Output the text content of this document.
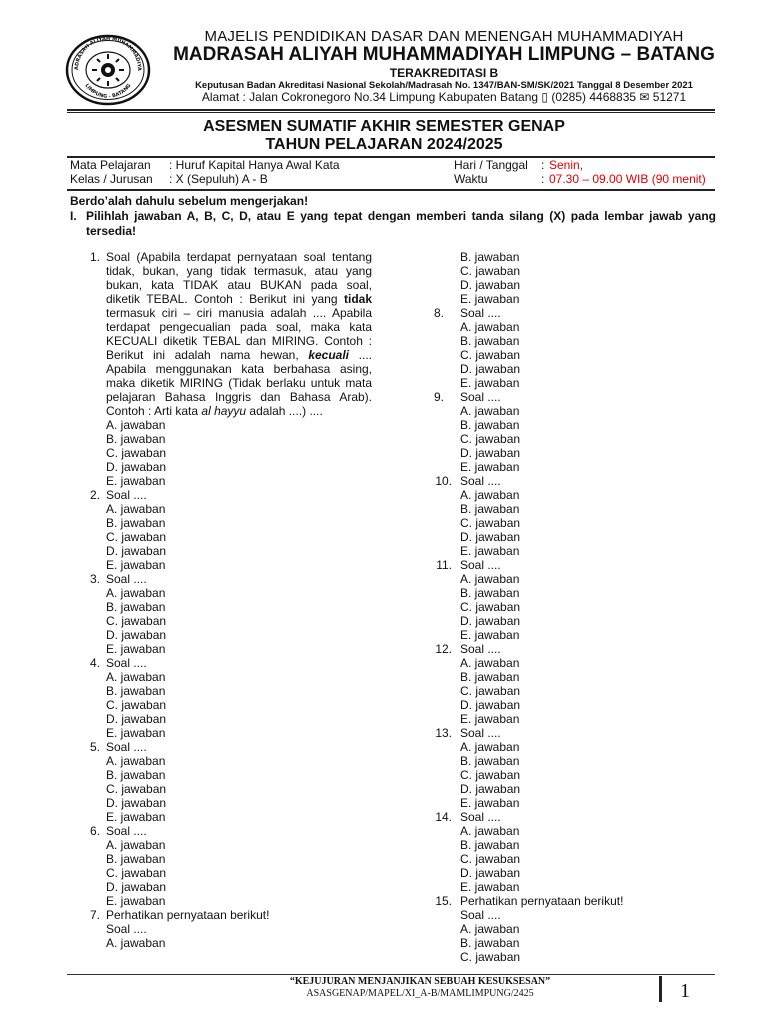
ADRASAH ALIYAH MUHAMMADIYA
LIMPUNG - BATANG
MAJELIS PENDIDIKAN DASAR DAN MENENGAH MUHAMMADIYAH
MADRASAH ALIYAH MUHAMMADIYAH LIMPUNG – BATANG
TERAKREDITASI B
Keputusan Badan Akreditasi Nasional Sekolah/Madrasah No. 1347/BAN-SM/SK/2021 Tanggal 8 Desember 2021
Alamat : Jalan Cokronegoro No.34 Limpung Kabupaten Batang ▯ (0285) 4468835 ✉ 51271
ASESMEN SUMATIF AKHIR SEMESTER GENAP
TAHUN PELAJARAN 2024/2025
Mata Pelajaran : Huruf Kapital Hanya Awal Kata
Kelas / Jurusan : X (Sepuluh) A - B
Hari / Tanggal : Senin,
Waktu	: 07.30 – 09.00 WIB (90 menit)
Berdo’alah dahulu sebelum mengerjakan!
I. Pilihlah jawaban A, B, C, D, atau E yang tepat dengan memberi tanda silang (X) pada lembar jawab yang tersedia!
1. Soal (Apabila terdapat pernyataan soal tentang tidak, bukan, yang tidak termasuk, atau yang bukan, kata TIDAK atau BUKAN pada soal, diketik TEBAL. Contoh : Berikut ini yang tidak termasuk ciri – ciri manusia adalah .... Apabila terdapat pengecualian pada soal, maka kata KECUALI diketik TEBAL dan MIRING. Contoh : Berikut ini adalah nama hewan, kecuali .... Apabila menggunakan kata berbahasa asing, maka diketik MIRING (Tidak berlaku untuk mata pelajaran Bahasa Inggris dan Bahasa Arab). Contoh : Arti kata al hayyu adalah ....) ....
A. jawaban
B. jawaban
C. jawaban
D. jawaban
E. jawaban
2. Soal ....
A. jawaban
B. jawaban
C. jawaban
D. jawaban
E. jawaban
3. Soal ....
A. jawaban
B. jawaban
C. jawaban
D. jawaban
E. jawaban
4. Soal ....
A. jawaban
B. jawaban
C. jawaban
D. jawaban
E. jawaban
5. Soal ....
A. jawaban
B. jawaban
C. jawaban
D. jawaban
E. jawaban
6. Soal ....
A. jawaban
B. jawaban
C. jawaban
D. jawaban
E. jawaban
7. Perhatikan pernyataan berikut!
Soal ....
A. jawaban
B. jawaban
C. jawaban
D. jawaban
E. jawaban
8. Soal ....
A. jawaban
B. jawaban
C. jawaban
D. jawaban
E. jawaban
9. Soal ....
A. jawaban
B. jawaban
C. jawaban
D. jawaban
E. jawaban
10. Soal ....
A. jawaban
B. jawaban
C. jawaban
D. jawaban
E. jawaban
11. Soal ....
A. jawaban
B. jawaban
C. jawaban
D. jawaban
E. jawaban
12. Soal ....
A. jawaban
B. jawaban
C. jawaban
D. jawaban
E. jawaban
13. Soal ....
A. jawaban
B. jawaban
C. jawaban
D. jawaban
E. jawaban
14. Soal ....
A. jawaban
B. jawaban
C. jawaban
D. jawaban
E. jawaban
15. Perhatikan pernyataan berikut!
Soal ....
A. jawaban
B. jawaban
C. jawaban
“KEJUJURAN MENJANJIKAN SEBUAH KESUKSESAN”
ASASGENAP/MAPEL/XI_A-B/MAMLIMPUNG/2425	1
